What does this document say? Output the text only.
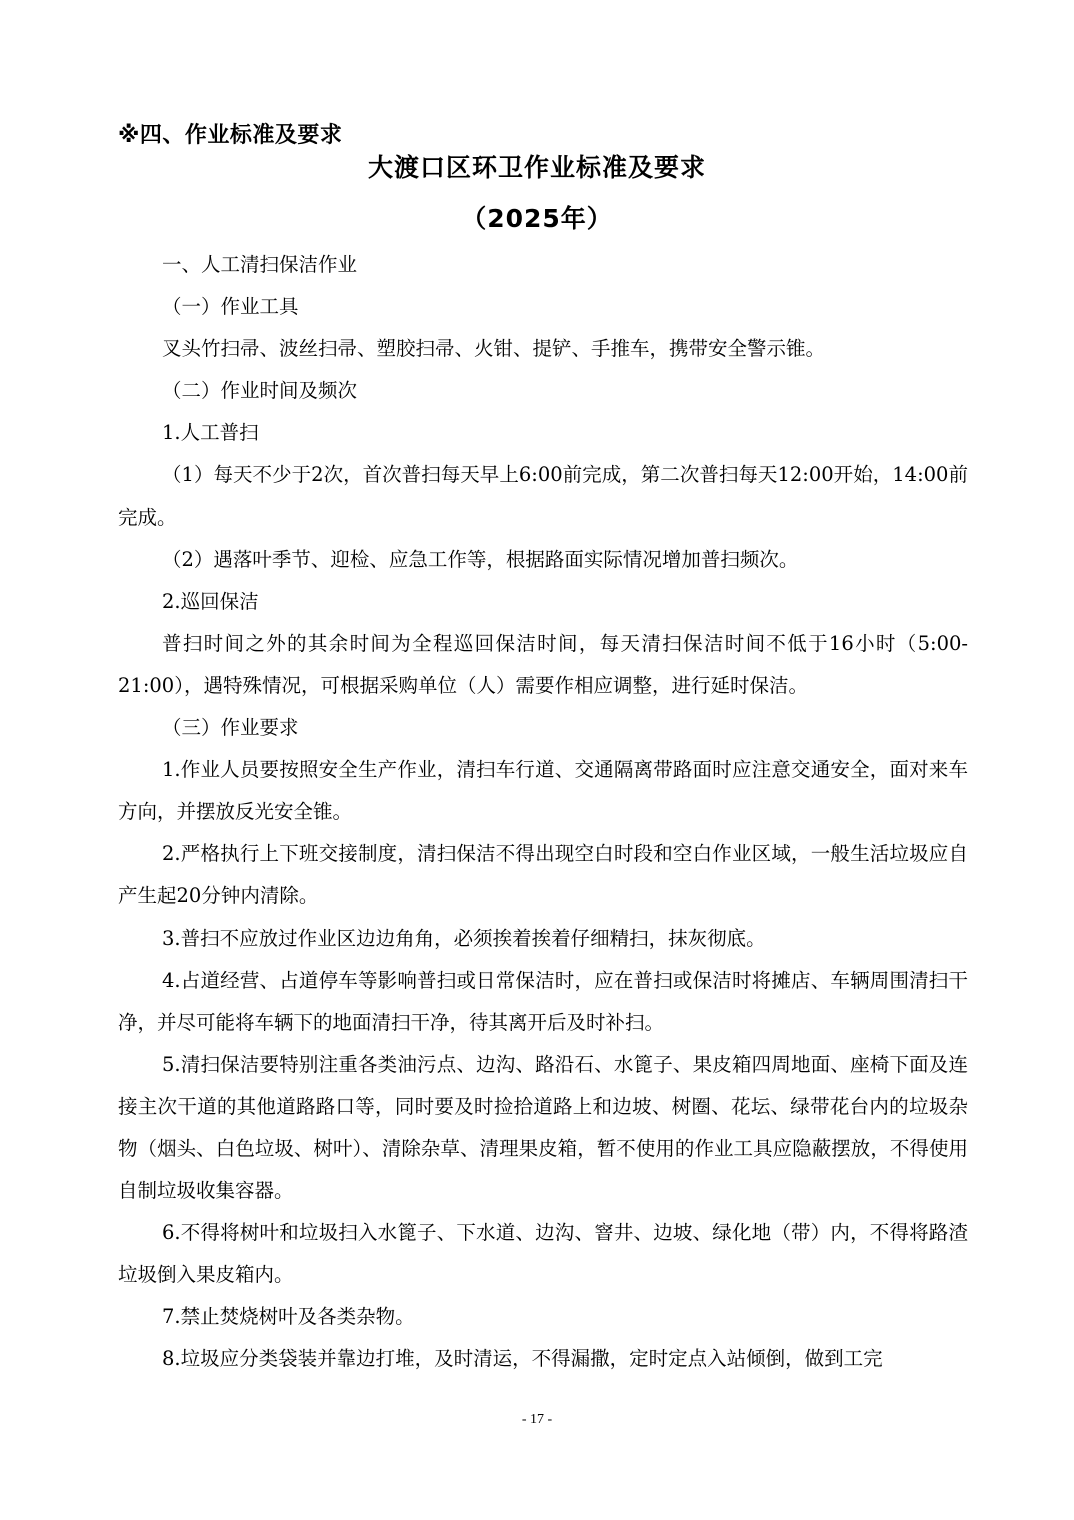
※四、作业标准及要求
大渡口区环卫作业标准及要求
（2025年）

一、人工清扫保洁作业

（一）作业工具

叉头竹扫帚、波丝扫帚、塑胶扫帚、火钳、提铲、手推车，携带安全警示锥。

（二）作业时间及频次

1.人工普扫

（1）每天不少于2次，首次普扫每天早上6:00前完成，第二次普扫每天12:00开始，14:00前完成。

（2）遇落叶季节、迎检、应急工作等，根据路面实际情况增加普扫频次。

2.巡回保洁

普扫时间之外的其余时间为全程巡回保洁时间，每天清扫保洁时间不低于16小时（5:00-21:00），遇特殊情况，可根据采购单位（人）需要作相应调整，进行延时保洁。

（三）作业要求

1.作业人员要按照安全生产作业，清扫车行道、交通隔离带路面时应注意交通安全，面对来车方向，并摆放反光安全锥。

2.严格执行上下班交接制度，清扫保洁不得出现空白时段和空白作业区域，一般生活垃圾应自产生起20分钟内清除。

3.普扫不应放过作业区边边角角，必须挨着挨着仔细精扫，抹灰彻底。

4.占道经营、占道停车等影响普扫或日常保洁时，应在普扫或保洁时将摊店、车辆周围清扫干净，并尽可能将车辆下的地面清扫干净，待其离开后及时补扫。

5.清扫保洁要特别注重各类油污点、边沟、路沿石、水篦子、果皮箱四周地面、座椅下面及连接主次干道的其他道路路口等，同时要及时捡拾道路上和边坡、树圈、花坛、绿带花台内的垃圾杂物（烟头、白色垃圾、树叶）、清除杂草、清理果皮箱，暂不使用的作业工具应隐蔽摆放，不得使用自制垃圾收集容器。

6.不得将树叶和垃圾扫入水篦子、下水道、边沟、窨井、边坡、绿化地（带）内，不得将路渣垃圾倒入果皮箱内。

7.禁止焚烧树叶及各类杂物。

8.垃圾应分类袋装并靠边打堆，及时清运，不得漏撒，定时定点入站倾倒，做到工完

- 17 -
